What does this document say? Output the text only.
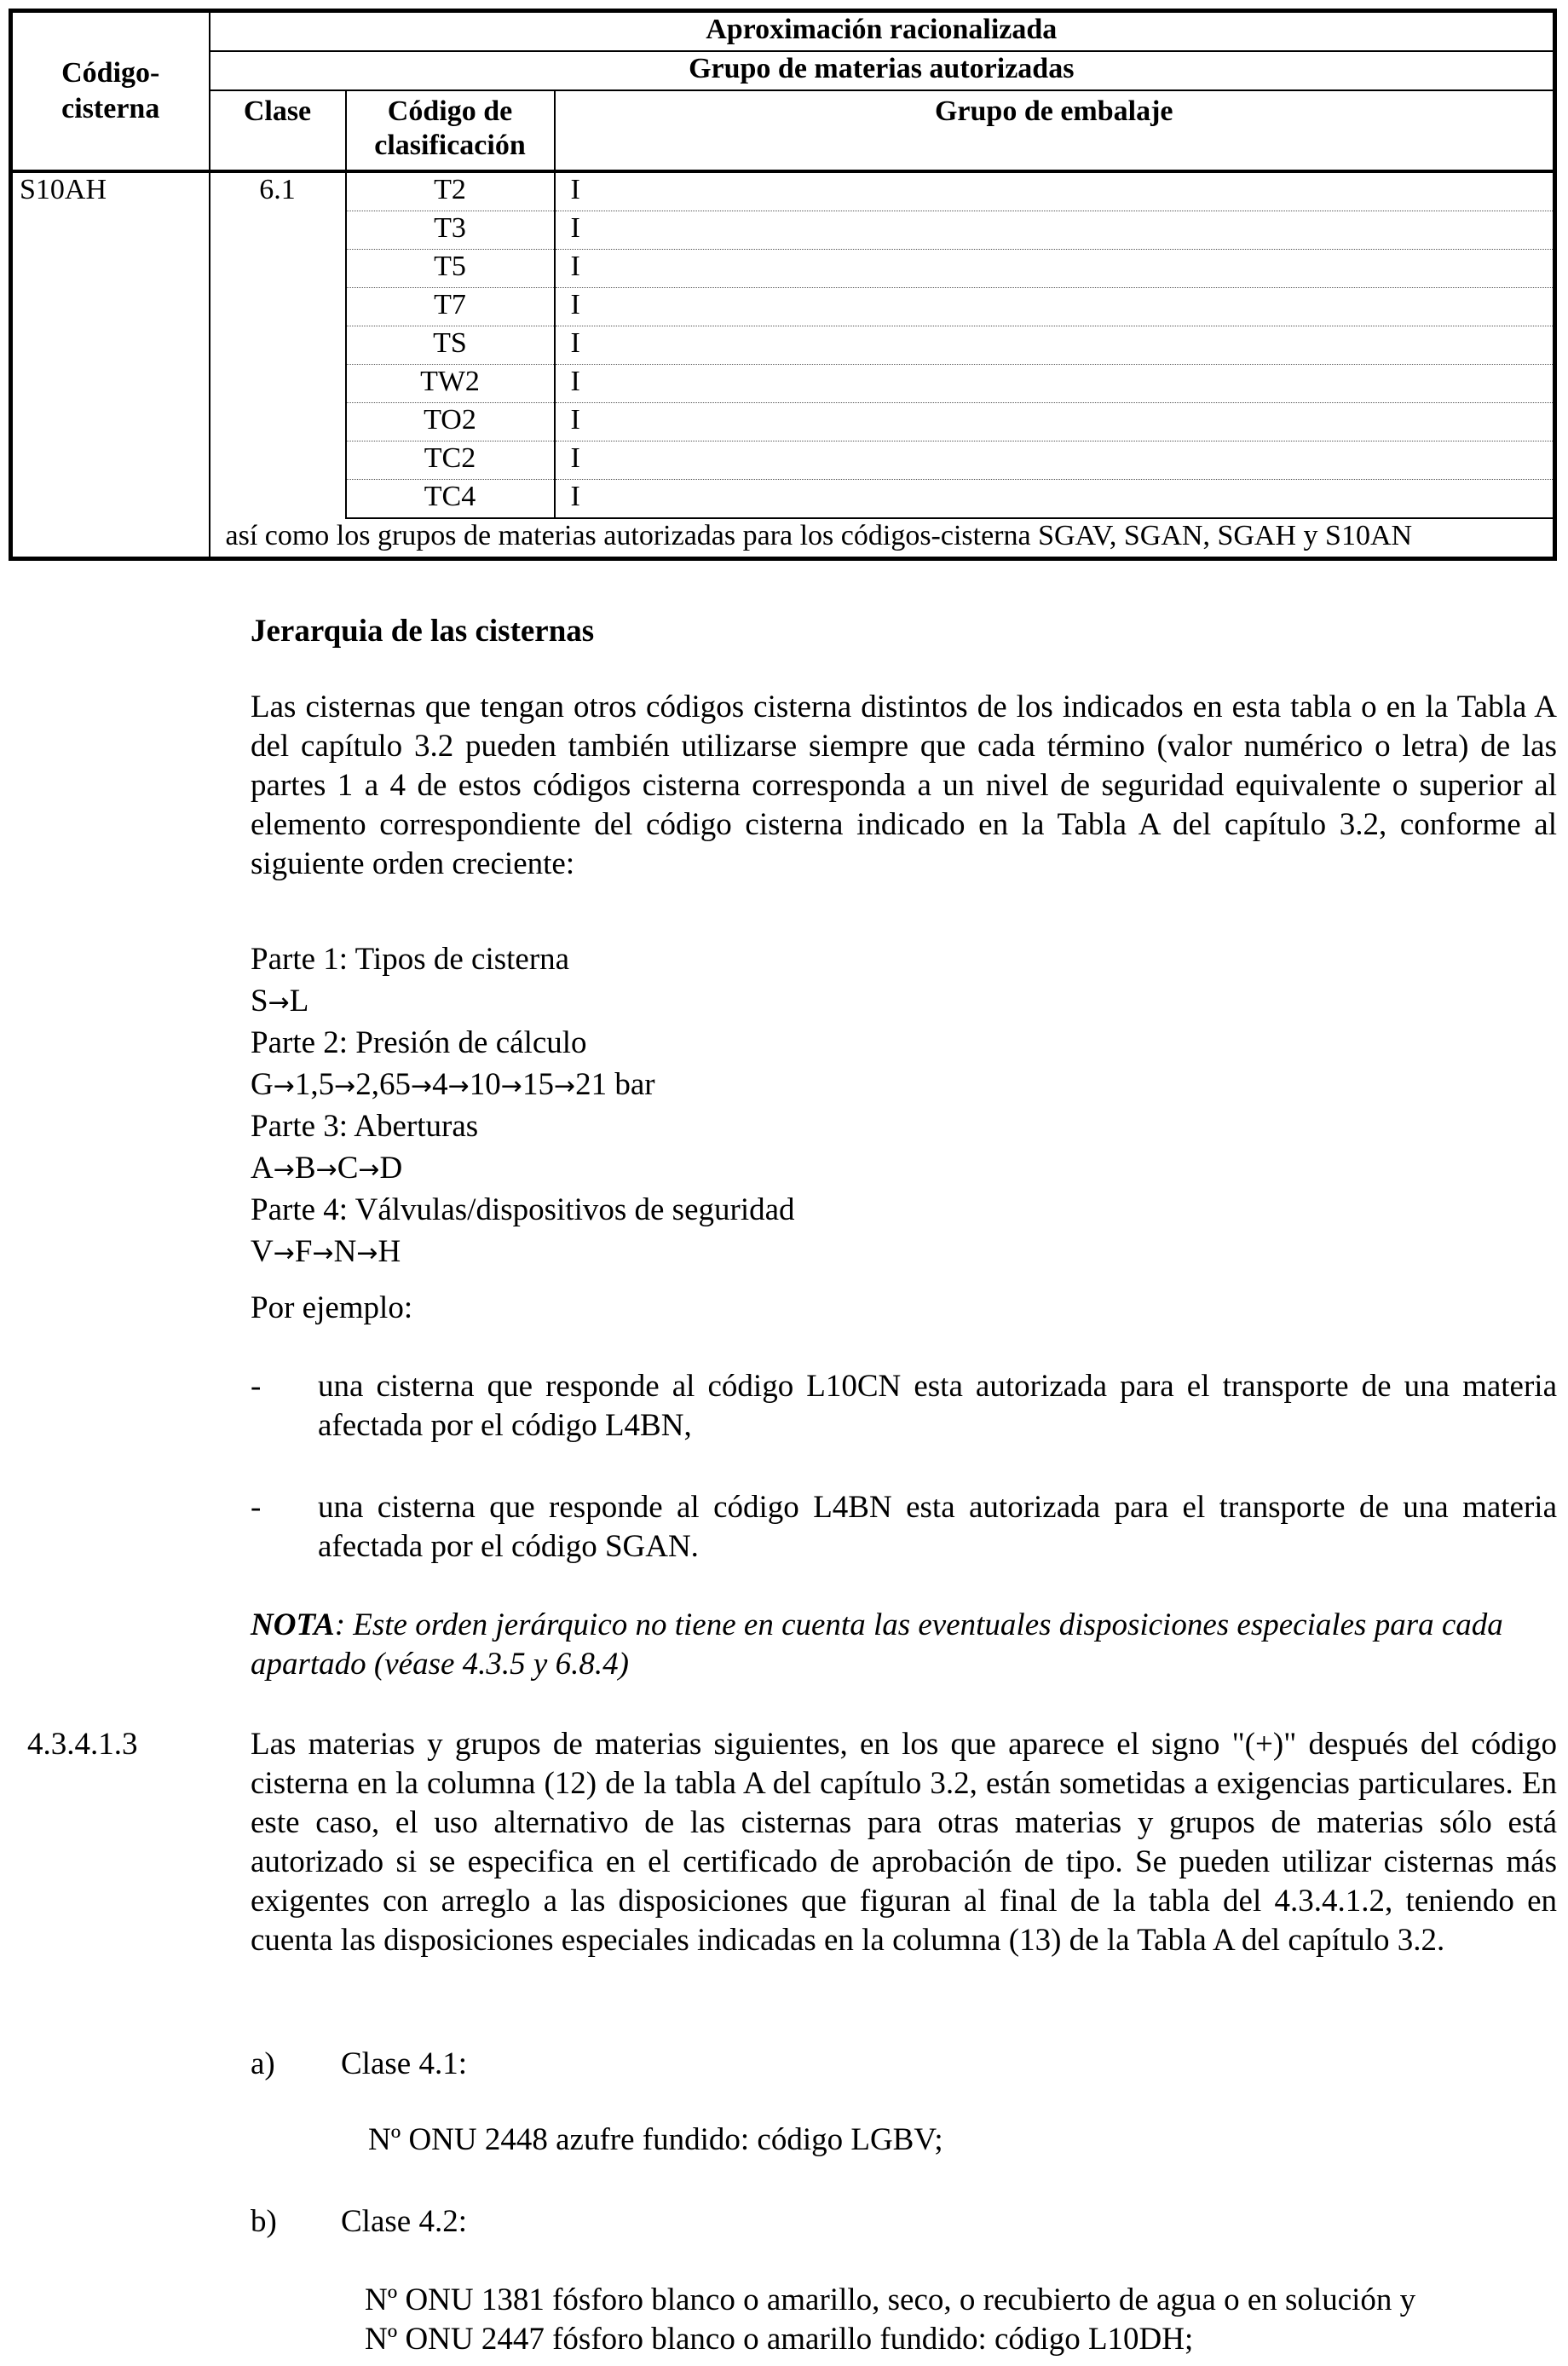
Código-cisterna	Aproximación racionalizada		
	Grupo de materias autorizadas		
	Clase	Código de clasificación	Grupo de embalaje
S10AH	6.1	T2	I
		T3	I
		T5	I
		T7	I
		TS	I
		TW2	I
		TO2	I
		TC2	I
		TC4	I
	así como los grupos de materias autorizadas para los códigos-cisterna SGAV, SGAN, SGAH y S10AN		
Jerarquia de las cisternas
Las cisternas que tengan otros códigos cisterna distintos de los indicados en esta tabla o en la Tabla A del capítulo 3.2 pueden también utilizarse siempre que cada término (valor numérico o letra) de las partes 1 a 4 de estos códigos cisterna corresponda a un nivel de seguridad equivalente o superior al elemento correspondiente del código cisterna indicado en la Tabla A del capítulo 3.2, conforme al siguiente orden creciente:
Parte 1: Tipos de cisterna
S→L
Parte 2: Presión de cálculo
G→1,5→2,65→4→10→15→21 bar
Parte 3: Aberturas
A→B→C→D
Parte 4: Válvulas/dispositivos de seguridad
V→F→N→H
Por ejemplo:
- una cisterna que responde al código L10CN esta autorizada para el transporte de una materia afectada por el código L4BN,
- una cisterna que responde al código L4BN esta autorizada para el transporte de una materia afectada por el código SGAN.
NOTA: Este orden jerárquico no tiene en cuenta las eventuales disposiciones especiales para cada apartado (véase 4.3.5 y 6.8.4)
4.3.4.1.3	Las materias y grupos de materias siguientes, en los que aparece el signo "(+)" después del código cisterna en la columna (12) de la tabla A del capítulo 3.2, están sometidas a exigencias particulares. En este caso, el uso alternativo de las cisternas para otras materias y grupos de materias sólo está autorizado si se especifica en el certificado de aprobación de tipo. Se pueden utilizar cisternas más exigentes con arreglo a las disposiciones que figuran al final de la tabla del 4.3.4.1.2, teniendo en cuenta las disposiciones especiales indicadas en la columna (13) de la Tabla A del capítulo 3.2.
a) Clase 4.1:
Nº ONU 2448 azufre fundido: código LGBV;
b) Clase 4.2:
Nº ONU 1381 fósforo blanco o amarillo, seco, o recubierto de agua o en solución y
Nº ONU 2447 fósforo blanco o amarillo fundido: código L10DH;
